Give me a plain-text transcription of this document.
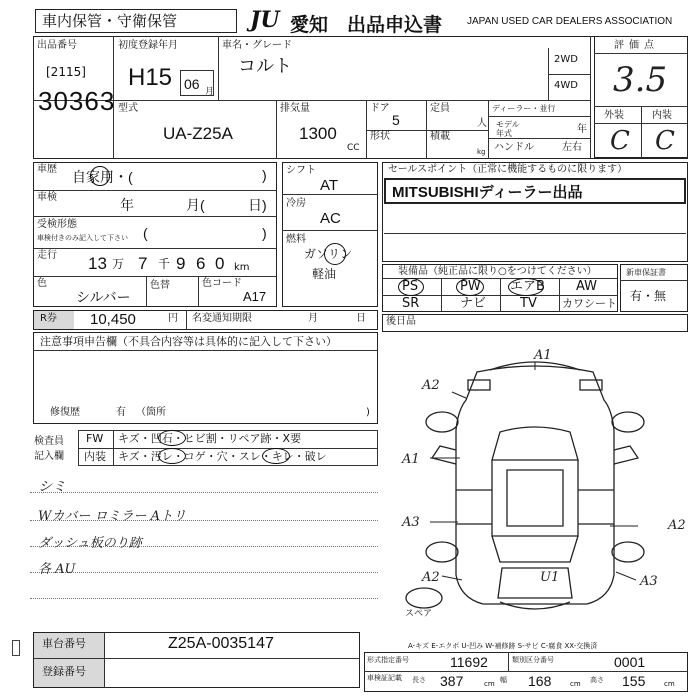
車内保管・守衛保管	JU 愛知 出品申込書 JAPAN USED CAR DEALERS ASSOCIATION
出品番号
[2115]
30363
初度登録年月
H15 06 月
車名・グレード
コルト	2WD
4WD
評価点
3.5
外装	内装
C C
型式
UA-Z25A
排気量
1300
CC
ドア
5
形状
定員
人
積載
kg
ディーラー・並行
モデル年式	年
ハンドル	左右
車歴 自家用・(	)
車検	年	月(	日)
受検形態
車検付きのみ記入して下さい (	)
走行 13 万 7 千 9 6 0 km
色
シルバー
色替	色コード
A17
シフト
AT
冷房
AC
燃料
ガソリン
軽油
セールスポイント（正常に機能するものに限ります）
MITSUBISHIディーラー出品
装備品（純正品に限り○をつけてください）
PS	PW エアB AW
SR	ナビ	TV カワシート
新車保証書
有・無
R券 10,450	円 名変通知期限	月	日 後日品
注意事項申告欄（不具合内容等は具体的に記入して下さい）
修復歴	有 （箇所	)
検査員
記入欄
FW キズ・凹石・ヒビ割・リペア跡・X要
内装 キズ・汚レ・コゲ・穴・スレ・キレ・破レ
シミ
Wカバー ロミラー Aトリ
ダッシュ板のり跡
各 AU
車台番号	Z25A-0035147
登録番号
A1
A2
A1
A3	A2
U1	A3
A2
スペア
A-キズ E-エクボ U-凹み W-補修跡 S-サビ C-腐食 XX-交換済
形式指定番号	11692	類別区分番号	0001
車検証記載 長さ 387	cm 幅 168	cm 高さ 155	cm
